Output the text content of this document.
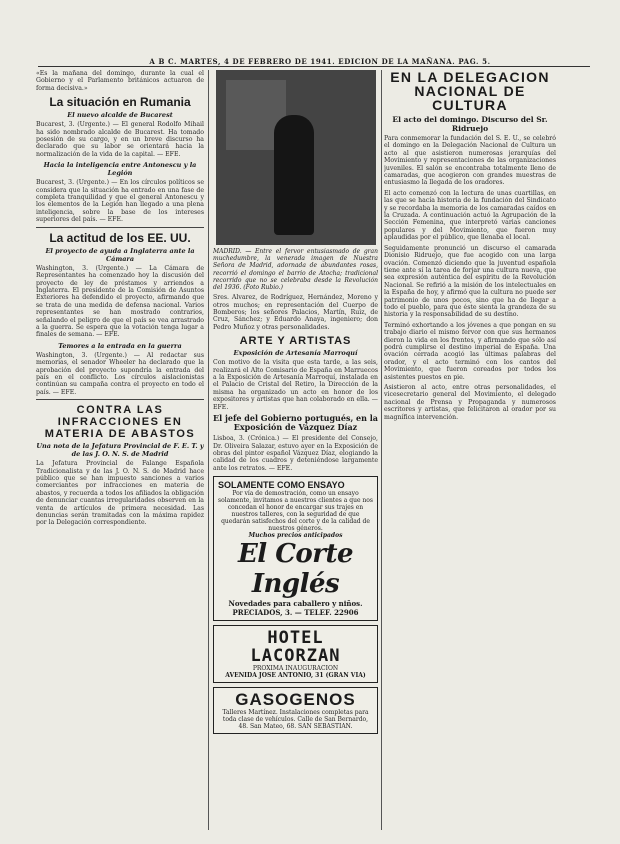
A B C. MARTES, 4 DE FEBRERO DE 1941. EDICION DE LA MAÑANA. PAG. 5.

«Es la mañana del domingo, durante la cual el Gobierno y el Parlamento británicos actuaron de forma decisiva.»

La situación en Rumania
El nuevo alcalde de Bucarest

Bucarest, 3. (Urgente.) — El general Rodolfo Mihail ha sido nombrado alcalde de Bucarest. Ha tomado posesión de su cargo, y en un breve discurso ha declarado que su labor se orientará hacia la normalización de la vida de la capital. — EFE.

Hacia la inteligencia entre Antonescu y la Legión

Bucarest, 3. (Urgente.) — En los círculos políticos se considera que la situación ha entrado en una fase de completa tranquilidad y que el general Antonescu y los elementos de la Legión han llegado a una plena inteligencia, sobre la base de los intereses superiores del país. — EFE.

La actitud de los EE. UU.
El proyecto de ayuda a Inglaterra ante la Cámara

Washington, 3. (Urgente.) — La Cámara de Representantes ha comenzado hoy la discusión del proyecto de ley de préstamos y arriendos a Inglaterra. El presidente de la Comisión de Asuntos Exteriores ha defendido el proyecto, afirmando que se trata de una medida de defensa nacional. Varios representantes se han mostrado contrarios, señalando el peligro de que el país se vea arrastrado a la guerra. Se espera que la votación tenga lugar a finales de semana. — EFE.

Temores a la entrada en la guerra

Washington, 3. (Urgente.) — Al redactar sus memorias, el senador Wheeler ha declarado que la aprobación del proyecto supondría la entrada del país en el conflicto. Los círculos aislacionistas continúan su campaña contra el proyecto en todo el país. — EFE.

CONTRA LAS INFRACCIONES EN MATERIA DE ABASTOS
Una nota de la Jefatura Provincial de F. E. T. y de las J. O. N. S. de Madrid

La Jefatura Provincial de Falange Española Tradicionalista y de las J. O. N. S. de Madrid hace público que se han impuesto sanciones a varios comerciantes por infracciones en materia de abastos, y recuerda a todos los afiliados la obligación de denunciar cuantas irregularidades observen en la venta de artículos de primera necesidad. Las denuncias serán tramitadas con la máxima rapidez por la Delegación correspondiente.

MADRID. — Entre el fervor entusiasmado de gran muchedumbre, la venerada imagen de Nuestra Señora de Madrid, adornada de abundantes rosas, recorrió el domingo el barrio de Atocha; tradicional recorrido que no se celebraba desde la Revolución del 1936. (Foto Rubio.)

Sres. Alvarez, de Rodríguez, Hernández, Moreno y otros muchos; en representación del Cuerpo de Bomberos; los señores Palacios, Martín, Ruiz, de Cruz, Sánchez; y Eduardo Anaya, ingeniero; don Pedro Muñoz y otras personalidades.

ARTE Y ARTISTAS
Exposición de Artesanía Marroquí

Con motivo de la visita que esta tarde, a las seis, realizará el Alto Comisario de España en Marruecos a la Exposición de Artesanía Marroquí, instalada en el Palacio de Cristal del Retiro, la Dirección de la misma ha organizado un acto en honor de los expositores y artistas que han colaborado en ella. — EFE.

El jefe del Gobierno portugués, en la Exposición de Vázquez Díaz

Lisboa, 3. (Crónica.) — El presidente del Consejo, Dr. Oliveira Salazar, estuvo ayer en la Exposición de obras del pintor español Vázquez Díaz, elogiando la calidad de los cuadros y deteniéndose largamente ante los retratos. — EFE.

SOLAMENTE COMO ENSAYO
Por vía de demostración, como un ensayo solamente, invitamos a nuestros clientes a que nos concedan el honor de encargar sus trajes en nuestros talleres, con la seguridad de que quedarán satisfechos del corte y de la calidad de nuestros géneros.
Muchos precios anticipados
El Corte Inglés
Novedades para caballero y niños.
PRECIADOS, 3. — TELEF. 22906
HOTEL LACORZAN
PROXIMA INAUGURACION
AVENIDA JOSE ANTONIO, 31 (GRAN VIA)
GASOGENOS
Talleres Martínez. Instalaciones completas para toda clase de vehículos. Calle de San Bernardo, 48. San Mateo, 68. SAN SEBASTIAN.
EN LA DELEGACION NACIONAL DE CULTURA
El acto del domingo. Discurso del Sr. Ridruejo

Para conmemorar la fundación del S. E. U., se celebró el domingo en la Delegación Nacional de Cultura un acto al que asistieron numerosas jerarquías del Movimiento y representaciones de las organizaciones juveniles. El salón se encontraba totalmente lleno de camaradas, que acogieron con grandes muestras de entusiasmo la llegada de los oradores.

El acto comenzó con la lectura de unas cuartillas, en las que se hacía historia de la fundación del Sindicato y se recordaba la memoria de los camaradas caídos en la Cruzada. A continuación actuó la Agrupación de la Sección Femenina, que interpretó varias canciones populares y del Movimiento, que fueron muy aplaudidas por el público, que llenaba el local.

Seguidamente pronunció un discurso el camarada Dionisio Ridruejo, que fue acogido con una larga ovación. Comenzó diciendo que la juventud española tiene ante sí la tarea de forjar una cultura nueva, que sea expresión auténtica del espíritu de la Revolución Nacional. Se refirió a la misión de los intelectuales en la España de hoy, y afirmó que la cultura no puede ser patrimonio de unos pocos, sino que ha de llegar a todo el pueblo, para que éste sienta la grandeza de su historia y la responsabilidad de su destino.

Terminó exhortando a los jóvenes a que pongan en su trabajo diario el mismo fervor con que sus hermanos dieron la vida en los frentes, y afirmando que sólo así podrá cumplirse el destino imperial de España. Una ovación cerrada acogió las últimas palabras del orador, y el acto terminó con los cantos del Movimiento, que fueron coreados por todos los asistentes puestos en pie.

Asistieron al acto, entre otras personalidades, el vicesecretario general del Movimiento, el delegado nacional de Prensa y Propaganda y numerosos escritores y artistas, que felicitaron al orador por su magnífica intervención.
